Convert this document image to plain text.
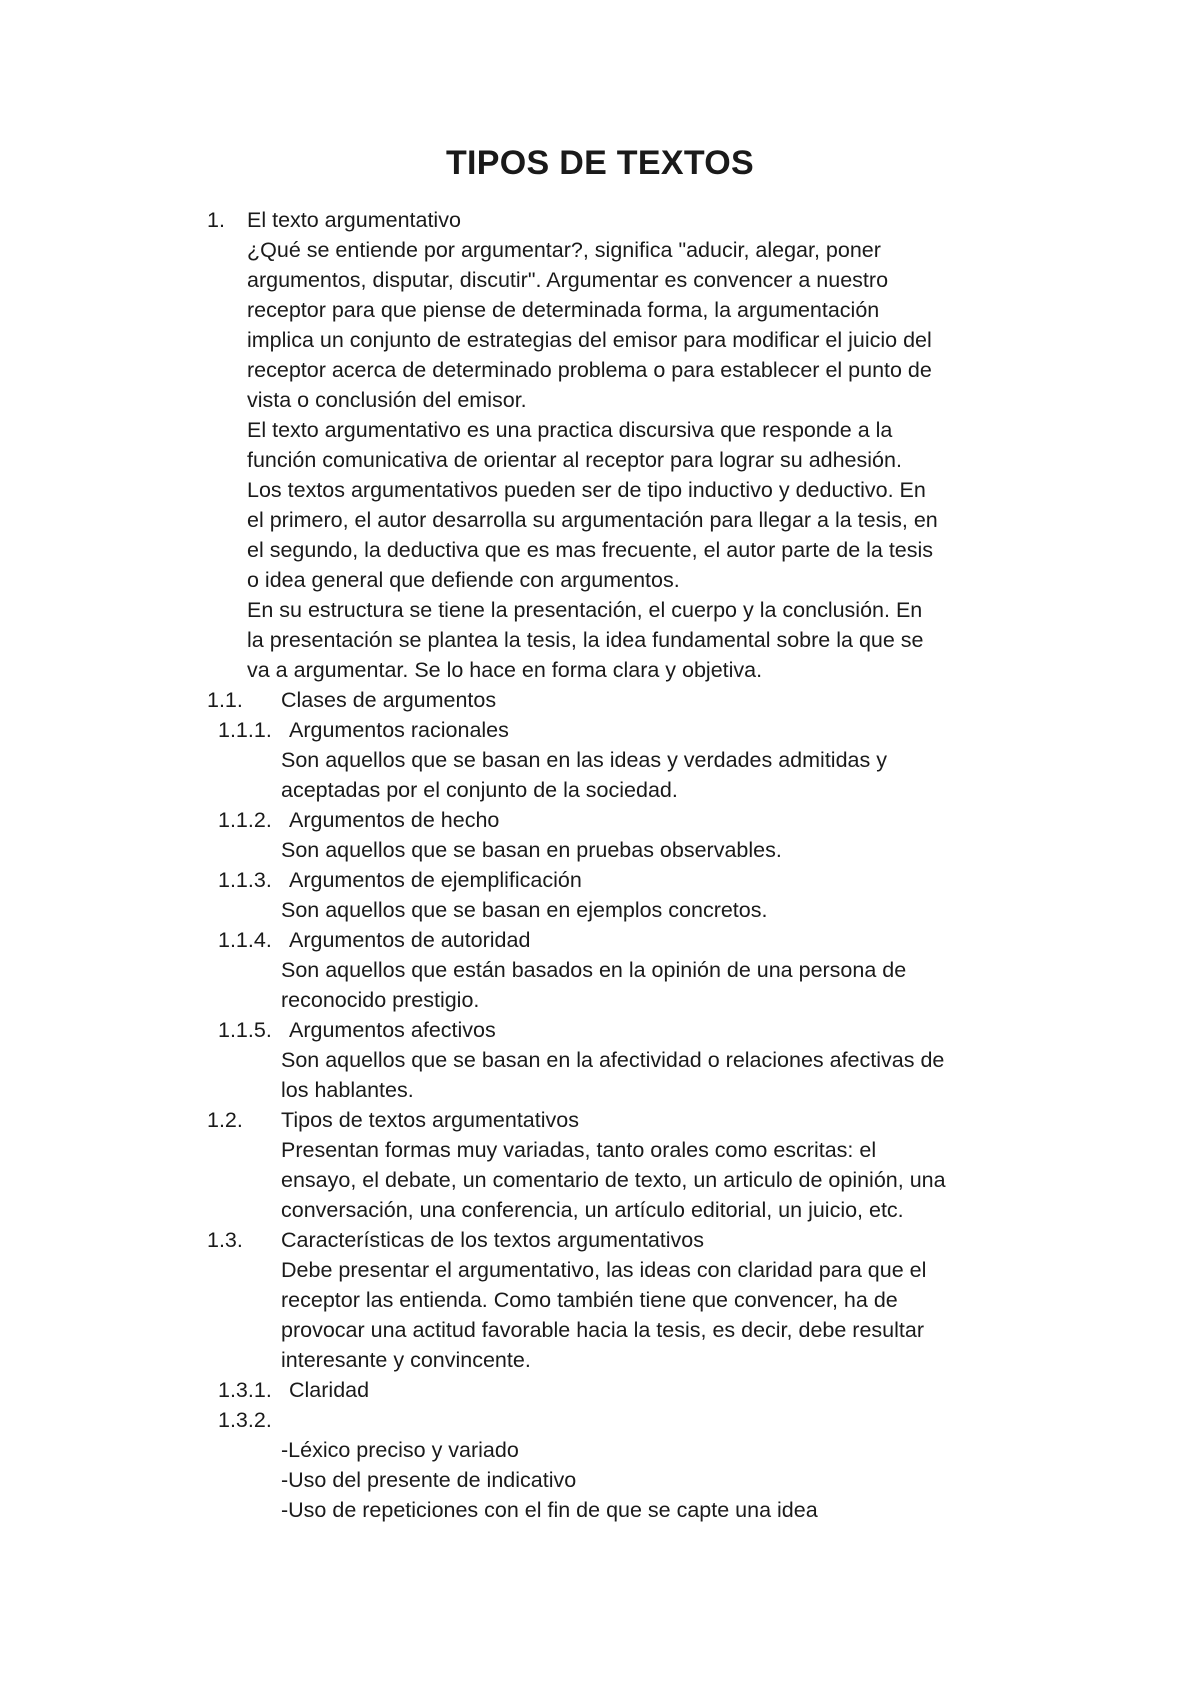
TIPOS DE TEXTOS
1. El texto argumentativo
¿Qué se entiende por argumentar?, significa "aducir, alegar, poner
argumentos, disputar, discutir". Argumentar es convencer a nuestro
receptor para que piense de determinada forma, la argumentación
implica un conjunto de estrategias del emisor para modificar el juicio del
receptor acerca de determinado problema o para establecer el punto de
vista o conclusión del emisor.
El texto argumentativo es una practica discursiva que responde a la
función comunicativa de orientar al receptor para lograr su adhesión.
Los textos argumentativos pueden ser de tipo inductivo y deductivo. En
el primero, el autor desarrolla su argumentación para llegar a la tesis, en
el segundo, la deductiva que es mas frecuente, el autor parte de la tesis
o idea general que defiende con argumentos.
En su estructura se tiene la presentación, el cuerpo y la conclusión. En
la presentación se plantea la tesis, la idea fundamental sobre la que se
va a argumentar. Se lo hace en forma clara y objetiva.
1.1. Clases de argumentos
1.1.1. Argumentos racionales
Son aquellos que se basan en las ideas y verdades admitidas y
aceptadas por el conjunto de la sociedad.
1.1.2. Argumentos de hecho
Son aquellos que se basan en pruebas observables.
1.1.3. Argumentos de ejemplificación
Son aquellos que se basan en ejemplos concretos.
1.1.4. Argumentos de autoridad
Son aquellos que están basados en la opinión de una persona de
reconocido prestigio.
1.1.5. Argumentos afectivos
Son aquellos que se basan en la afectividad o relaciones afectivas de
los hablantes.
1.2. Tipos de textos argumentativos
Presentan formas muy variadas, tanto orales como escritas: el
ensayo, el debate, un comentario de texto, un articulo de opinión, una
conversación, una conferencia, un artículo editorial, un juicio, etc.
1.3. Características de los textos argumentativos
Debe presentar el argumentativo, las ideas con claridad para que el
receptor las entienda. Como también tiene que convencer, ha de
provocar una actitud favorable hacia la tesis, es decir, debe resultar
interesante y convincente.
1.3.1. Claridad
1.3.2.
-Léxico preciso y variado
-Uso del presente de indicativo
-Uso de repeticiones con el fin de que se capte una idea
